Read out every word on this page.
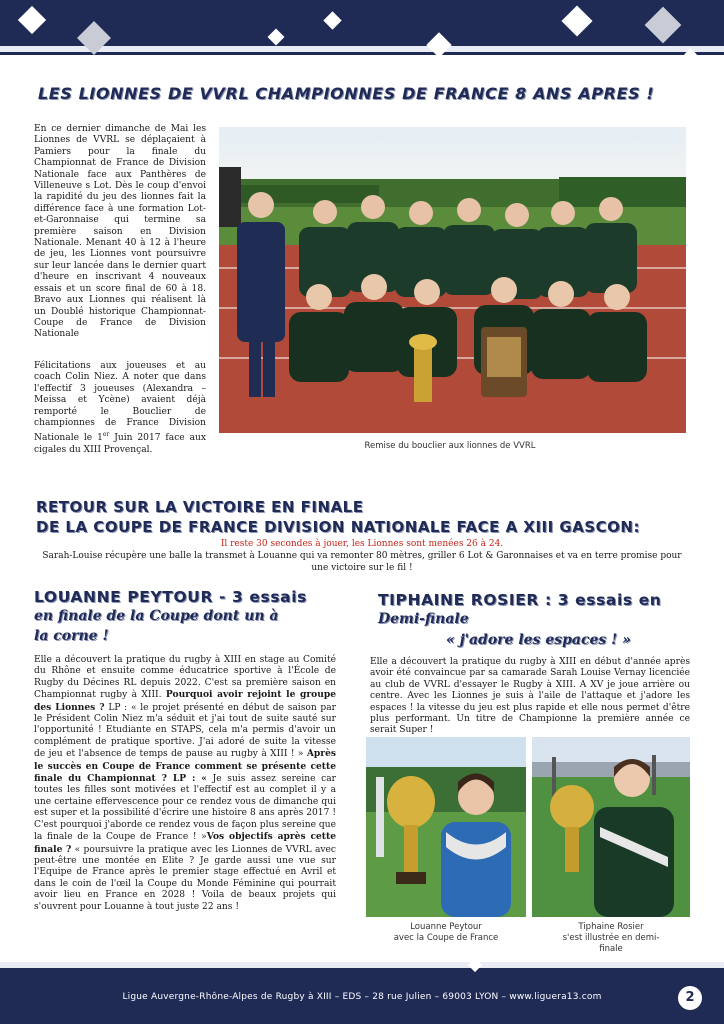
LES LIONNES DE VVRL CHAMPIONNES DE FRANCE 8 ANS APRES !
En ce dernier dimanche de Mai les Lionnes de VVRL se déplaçaient à Pamiers pour la finale du Championnat de France de Division Nationale face aux Panthères de Villeneuve s Lot. Dès le coup d'envoi la rapidité du jeu des lionnes fait la différence face à une formation Lot-et-Garonnaise qui termine sa première saison en Division Nationale. Menant 40 à 12 à l'heure de jeu, les Lionnes vont poursuivre sur leur lancée dans le dernier quart d'heure en inscrivant 4 nouveaux essais et un score final de 60 à 18. Bravo aux Lionnes qui réalisent là un Doublé historique Championnat-Coupe de France de Division Nationale
Félicitations aux joueuses et au coach Colin Niez. A noter que dans l'effectif 3 joueuses (Alexandra – Meissa et Ycène) avaient déjà remporté le Bouclier de championnes de France Division Nationale le 1er Juin 2017 face aux cigales du XIII Provençal.	Remise du bouclier aux lionnes de VVRL
RETOUR SUR LA VICTOIRE EN FINALE
DE LA COUPE DE FRANCE DIVISION NATIONALE FACE A XIII GASCON:
Il reste 30 secondes à jouer, les Lionnes sont menées 26 à 24.
Sarah-Louise récupère une balle la transmet à Louanne qui va remonter 80 mètres, griller 6 Lot & Garonnaises et va en terre promise pour une victoire sur le fil !
LOUANNE PEYTOUR - 3 essais
en finale de la Coupe dont un à
la corne !
Elle a découvert la pratique du rugby à XIII en stage au Comité du Rhône et ensuite comme éducatrice sportive à l'École de Rugby du Décines RL depuis 2022. C'est sa première saison en Championnat rugby à XIII. Pourquoi avoir rejoint le groupe des Lionnes ? LP : « le projet présenté en début de saison par le Président Colin Niez m'a séduit et j'ai tout de suite sauté sur l'opportunité ! Etudiante en STAPS, cela m'a permis d'avoir un complément de pratique sportive. J'ai adoré de suite la vitesse de jeu et l'absence de temps de pause au rugby à XIII ! » Après le succès en Coupe de France comment se présente cette finale du Championnat ? LP : « Je suis assez sereine car toutes les filles sont motivées et l'effectif est au complet il y a une certaine effervescence pour ce rendez vous de dimanche qui est super et la possibilité d'écrire une histoire 8 ans après 2017 ! C'est pourquoi j'aborde ce rendez vous de façon plus sereine que la finale de la Coupe de France ! »Vos objectifs après cette finale ? « poursuivre la pratique avec les Lionnes de VVRL avec peut-être une montée en Elite ? Je garde aussi une vue sur l'Equipe de France après le premier stage effectué en Avril et dans le coin de l'œil la Coupe du Monde Féminine qui pourrait avoir lieu en France en 2028 ! Voila de beaux projets qui s'ouvrent pour Louanne à tout juste 22 ans !
TIPHAINE ROSIER : 3 essais en
Demi-finale
« j'adore les espaces ! »
Elle a découvert la pratique du rugby à XIII en début d'année après avoir été convaincue par sa camarade Sarah Louise Vernay licenciée au club de VVRL d'essayer le Rugby à XIII. A XV je joue arrière ou centre. Avec les Lionnes je suis à l'aile de l'attaque et j'adore les espaces ! la vitesse du jeu est plus rapide et elle nous permet d'être plus performant. Un titre de Championne la première année ce serait Super !
Louanne Peytour
avec la Coupe de France
Tiphaine Rosier
s'est illustrée en demi-
finale
Ligue Auvergne-Rhône-Alpes de Rugby à XIII – EDS – 28 rue Julien – 69003 LYON – www.liguera13.com	2
